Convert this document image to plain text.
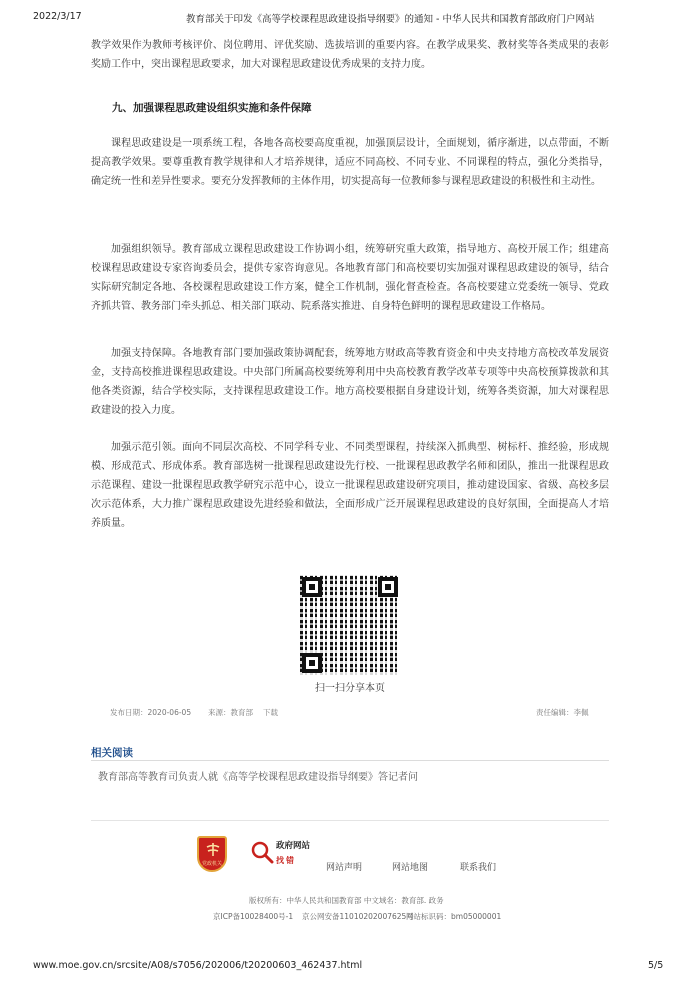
2022/3/17	教育部关于印发《高等学校课程思政建设指导纲要》的通知 - 中华人民共和国教育部政府门户网站

教学效果作为教师考核评价、岗位聘用、评优奖励、选拔培训的重要内容。在教学成果奖、教材奖等各类成果的表彰奖励工作中，突出课程思政要求，加大对课程思政建设优秀成果的支持力度。

九、加强课程思政建设组织实施和条件保障

课程思政建设是一项系统工程，各地各高校要高度重视，加强顶层设计，全面规划，循序渐进，以点带面，不断提高教学效果。要尊重教育教学规律和人才培养规律，适应不同高校、不同专业、不同课程的特点，强化分类指导，确定统一性和差异性要求。要充分发挥教师的主体作用，切实提高每一位教师参与课程思政建设的积极性和主动性。

加强组织领导。教育部成立课程思政建设工作协调小组，统筹研究重大政策，指导地方、高校开展工作；组建高校课程思政建设专家咨询委员会，提供专家咨询意见。各地教育部门和高校要切实加强对课程思政建设的领导，结合实际研究制定各地、各校课程思政建设工作方案，健全工作机制，强化督查检查。各高校要建立党委统一领导、党政齐抓共管、教务部门牵头抓总、相关部门联动、院系落实推进、自身特色鲜明的课程思政建设工作格局。

加强支持保障。各地教育部门要加强政策协调配套，统筹地方财政高等教育资金和中央支持地方高校改革发展资金，支持高校推进课程思政建设。中央部门所属高校要统筹利用中央高校教育教学改革专项等中央高校预算拨款和其他各类资源，结合学校实际，支持课程思政建设工作。地方高校要根据自身建设计划，统筹各类资源，加大对课程思政建设的投入力度。

加强示范引领。面向不同层次高校、不同学科专业、不同类型课程，持续深入抓典型、树标杆、推经验，形成规模、形成范式、形成体系。教育部选树一批课程思政建设先行校、一批课程思政教学名师和团队，推出一批课程思政示范课程、建设一批课程思政教学研究示范中心，设立一批课程思政建设研究项目，推动建设国家、省级、高校多层次示范体系，大力推广课程思政建设先进经验和做法，全面形成广泛开展课程思政建设的良好氛围，全面提高人才培养质量。

扫一扫分享本页
发布日期：2020-06-05 来源：教育部 下载	责任编辑：李佩
相关阅读
教育部高等教育司负责人就《高等学校课程思政建设指导纲要》答记者问
党政机关
政府网站
找错
网站声明	网站地图	联系我们
版权所有：中华人民共和国教育部 中文域名：教育部. 政务
京ICP备10028400号-1 京公网安备11010202007625号
网站标识码：bm05000001
www.moe.gov.cn/srcsite/A08/s7056/202006/t20200603_462437.html	5/5
